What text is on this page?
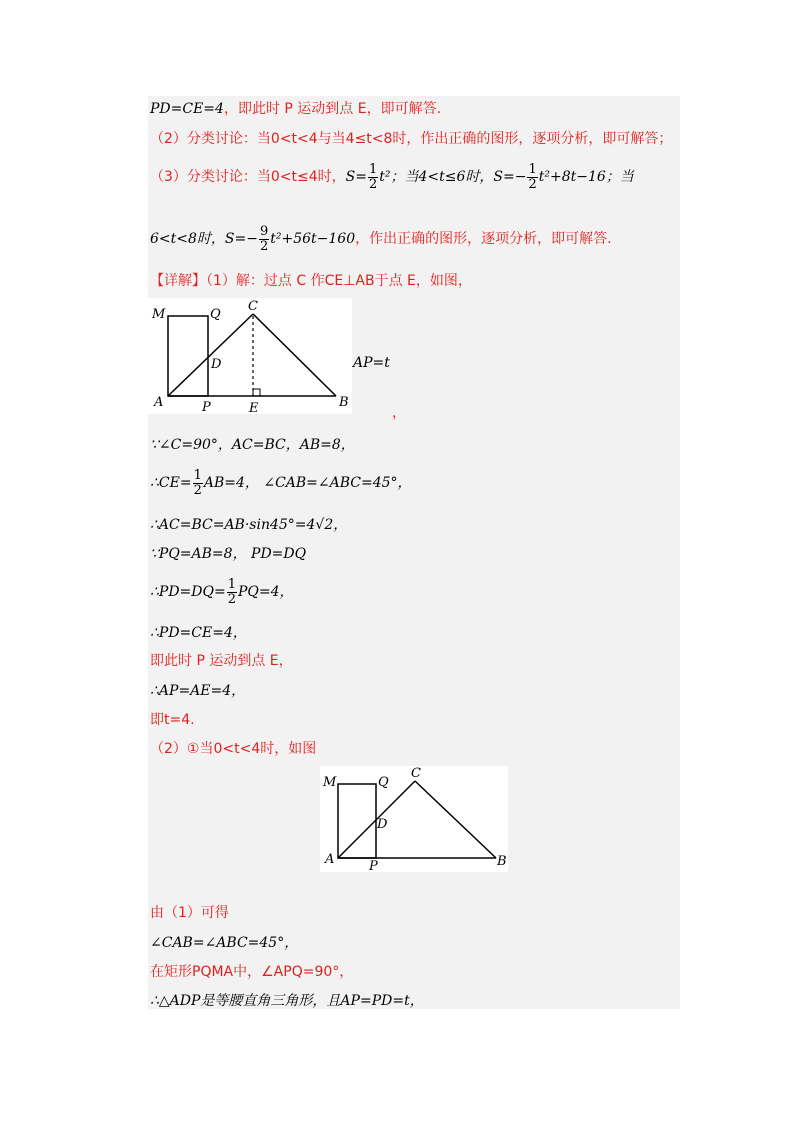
PD=CE=4，即此时 P 运动到点 E，即可解答.
（2）分类讨论：当0<t<4与当4≤t<8时，作出正确的图形，逐项分析，即可解答；
（3）分类讨论：当0<t≤4时，$S= \frac{1}{2} t^2$；当4<t≤6时，$S=- \frac{1}{2} t^2+8t-16$；当
6<t<8时，$S=- \frac{9}{2} t^2+56t-160$，作出正确的图形，逐项分析，即可解答.
【详解】（1）解：过点 C 作CE⊥AB于点 E，如图，
M	Q
C
D
A	P	E	B
AP=t
，
∵∠C=90°，AC=BC，AB=8，
∴CE= $\frac{1}{2} AB=4$， ∠CAB=∠ABC=45°，
∴AC=BC=AB·sin45°=4√2，
∵PQ=AB=8， PD=DQ
∴PD=DQ= $\frac{1}{2} PQ=4$，
∴PD=CE=4，
即此时 P 运动到点 E，
∴AP=AE=4，
即t=4.
（2）①当0<t<4时，如图
M	Q
C
D
A	P	B
由（1）可得
∠CAB=∠ABC=45°，
在矩形PQMA中，∠APQ=90°，
∴△ADP是等腰直角三角形，且AP=PD=t，
